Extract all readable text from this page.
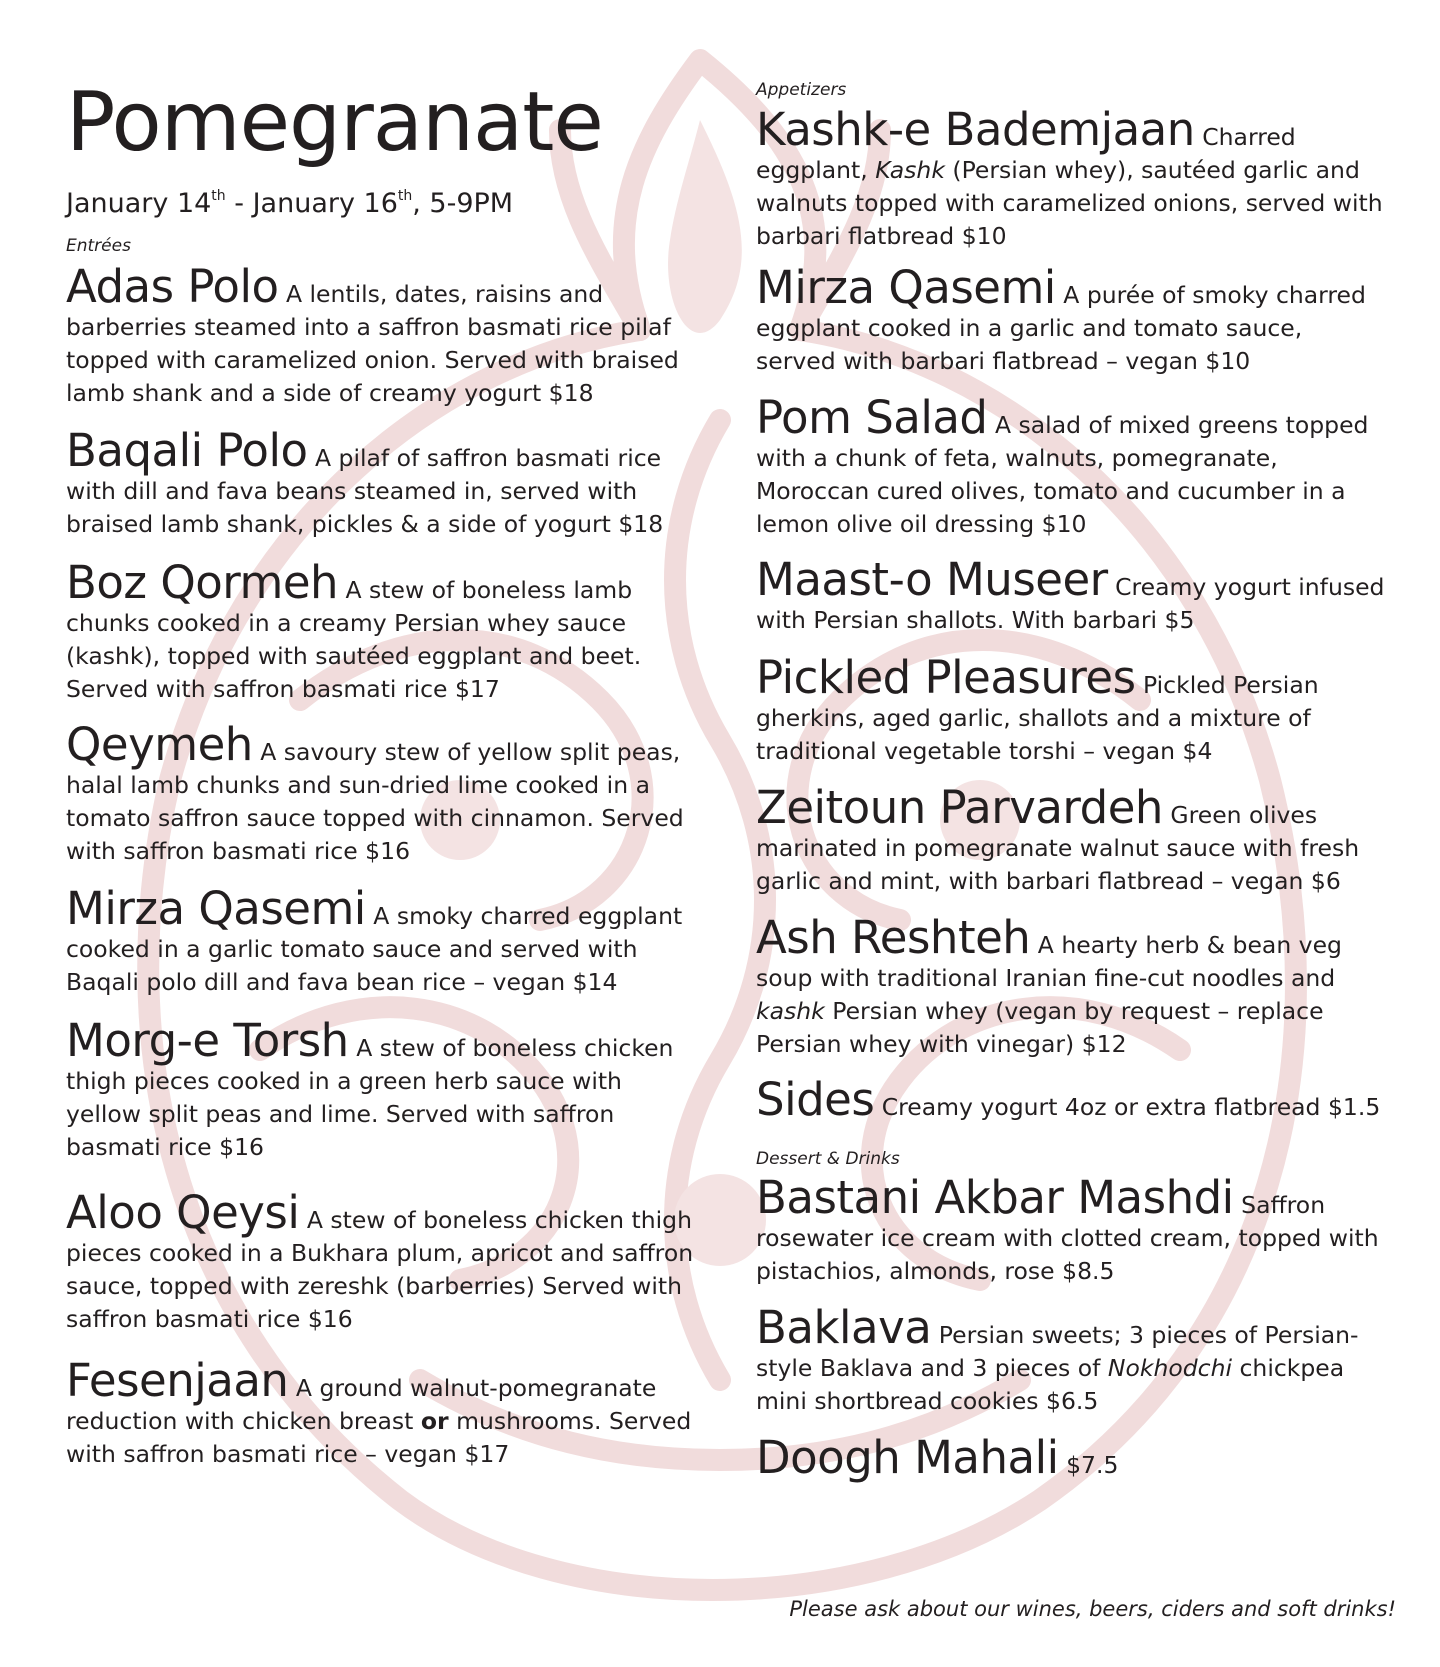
Pomegranate
January 14th - January 16th, 5-9PM
Entrées
Adas Polo A lentils, dates, raisins and barberries steamed into a saffron basmati rice pilaf topped with caramelized onion. Served with braised lamb shank and a side of creamy yogurt $18
Baqali Polo A pilaf of saffron basmati rice with dill and fava beans steamed in, served with braised lamb shank, pickles & a side of yogurt $18
Boz Qormeh A stew of boneless lamb chunks cooked in a creamy Persian whey sauce (kashk), topped with sautéed eggplant and beet. Served with saffron basmati rice $17
Qeymeh A savoury stew of yellow split peas, halal lamb chunks and sun-dried lime cooked in a tomato saffron sauce topped with cinnamon. Served with saffron basmati rice $16
Mirza Qasemi A smoky charred eggplant cooked in a garlic tomato sauce and served with Baqali polo dill and fava bean rice – vegan $14
Morg-e Torsh A stew of boneless chicken thigh pieces cooked in a green herb sauce with yellow split peas and lime. Served with saffron basmati rice $16
Aloo Qeysi A stew of boneless chicken thigh pieces cooked in a Bukhara plum, apricot and saffron sauce, topped with zereshk (barberries) Served with saffron basmati rice $16
Fesenjaan A ground walnut-pomegranate reduction with chicken breast or mushrooms. Served with saffron basmati rice – vegan $17
Appetizers
Kashk-e Bademjaan Charred eggplant, Kashk (Persian whey), sautéed garlic and walnuts topped with caramelized onions, served with barbari flatbread $10
Mirza Qasemi A purée of smoky charred eggplant cooked in a garlic and tomato sauce, served with barbari flatbread – vegan $10
Pom Salad A salad of mixed greens topped with a chunk of feta, walnuts, pomegranate, Moroccan cured olives, tomato and cucumber in a lemon olive oil dressing $10
Maast-o Museer Creamy yogurt infused with Persian shallots. With barbari $5
Pickled Pleasures Pickled Persian gherkins, aged garlic, shallots and a mixture of traditional vegetable torshi – vegan $4
Zeitoun Parvardeh Green olives marinated in pomegranate walnut sauce with fresh garlic and mint, with barbari flatbread – vegan $6
Ash Reshteh A hearty herb & bean veg soup with traditional Iranian fine-cut noodles and kashk Persian whey (vegan by request – replace Persian whey with vinegar) $12
Sides Creamy yogurt 4oz or extra flatbread $1.5
Dessert & Drinks
Bastani Akbar Mashdi Saffron rosewater ice cream with clotted cream, topped with pistachios, almonds, rose $8.5
Baklava Persian sweets; 3 pieces of Persian-style Baklava and 3 pieces of Nokhodchi chickpea mini shortbread cookies $6.5
Doogh Mahali $7.5
Please ask about our wines, beers, ciders and soft drinks!
